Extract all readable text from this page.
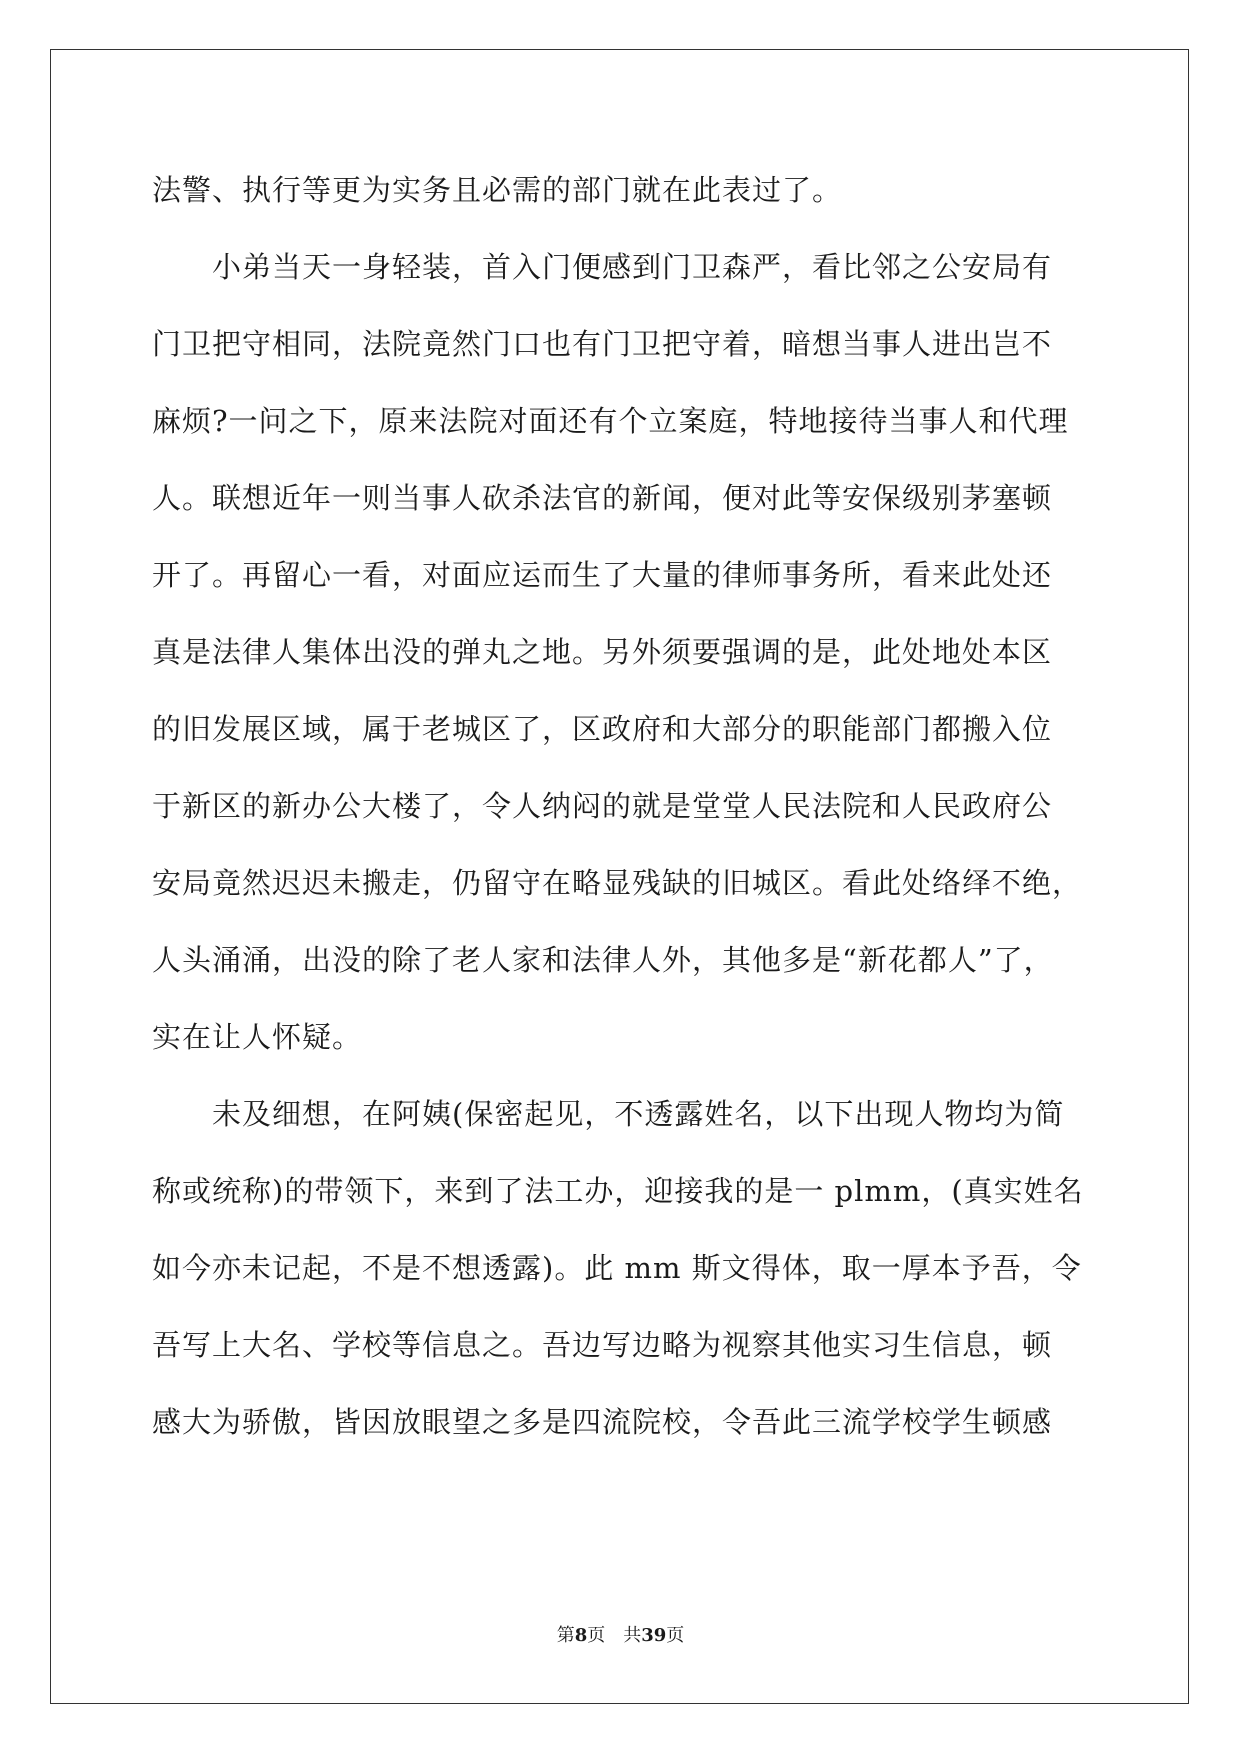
法警、执行等更为实务且必需的部门就在此表过了。
　　小弟当天一身轻装，首入门便感到门卫森严，看比邻之公安局有
门卫把守相同，法院竟然门口也有门卫把守着，暗想当事人进出岂不
麻烦?一问之下，原来法院对面还有个立案庭，特地接待当事人和代理
人。联想近年一则当事人砍杀法官的新闻，便对此等安保级别茅塞顿
开了。再留心一看，对面应运而生了大量的律师事务所，看来此处还
真是法律人集体出没的弹丸之地。另外须要强调的是，此处地处本区
的旧发展区域，属于老城区了，区政府和大部分的职能部门都搬入位
于新区的新办公大楼了，令人纳闷的就是堂堂人民法院和人民政府公
安局竟然迟迟未搬走，仍留守在略显残缺的旧城区。看此处络绎不绝，
人头涌涌，出没的除了老人家和法律人外，其他多是“新花都人”了，
实在让人怀疑。
　　未及细想，在阿姨(保密起见，不透露姓名，以下出现人物均为简
称或统称)的带领下，来到了法工办，迎接我的是一 plmm，(真实姓名
如今亦未记起，不是不想透露)。此 mm 斯文得体，取一厚本予吾，令
吾写上大名、学校等信息之。吾边写边略为视察其他实习生信息，顿
感大为骄傲，皆因放眼望之多是四流院校，令吾此三流学校学生顿感
第8页　共39页
